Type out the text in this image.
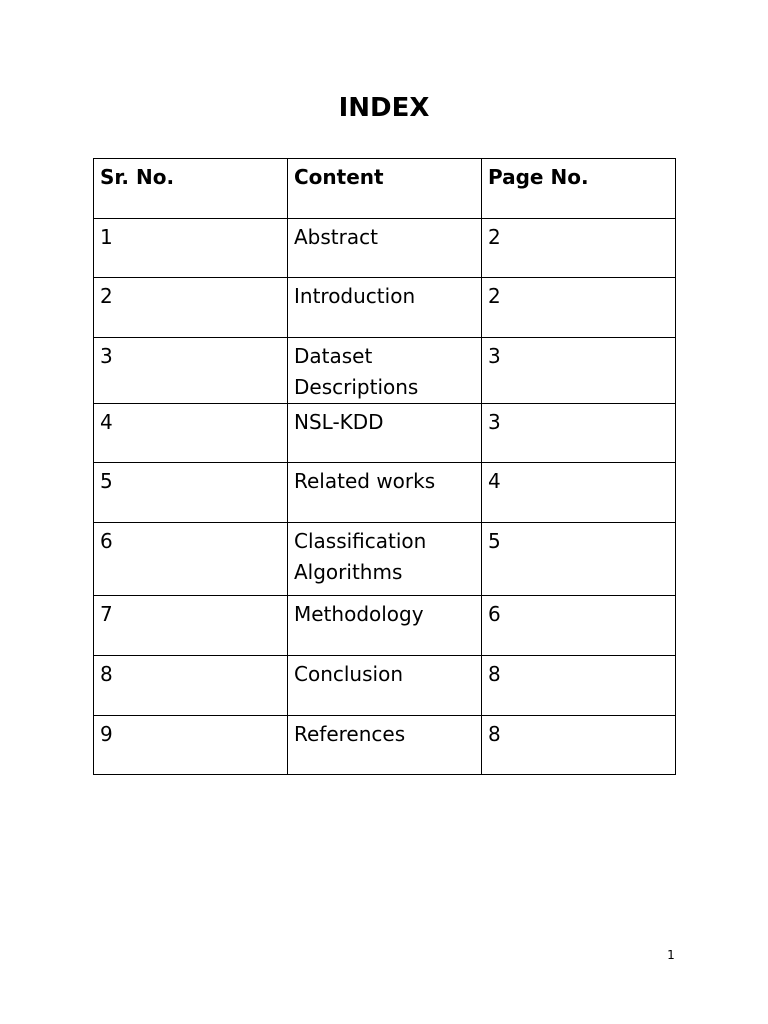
INDEX
Sr. No.	Content	Page No.
1	Abstract	2
2	Introduction	2
3	Dataset Descriptions	3
4	NSL-KDD	3
5	Related works	4
6	Classification Algorithms	5
7	Methodology	6
8	Conclusion	8
9	References	8
1
